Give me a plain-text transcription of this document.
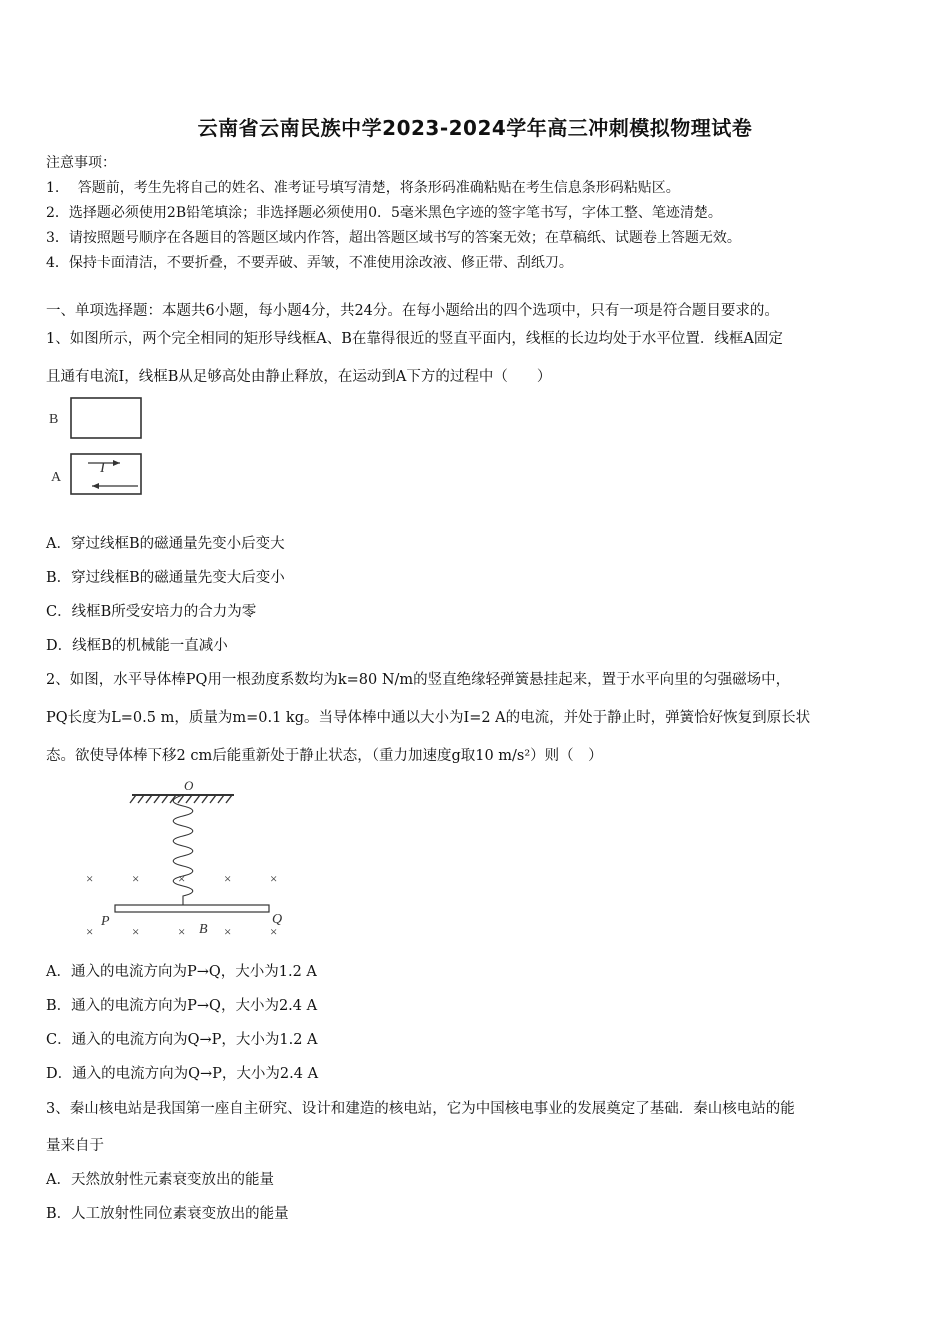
云南省云南民族中学2023-2024学年高三冲刺模拟物理试卷
注意事项：
1.　 答题前，考生先将自己的姓名、准考证号填写清楚，将条形码准确粘贴在考生信息条形码粘贴区。
2．选择题必须使用2B铅笔填涂；非选择题必须使用0．5毫米黑色字迹的签字笔书写，字体工整、笔迹清楚。
3．请按照题号顺序在各题目的答题区域内作答，超出答题区域书写的答案无效；在草稿纸、试题卷上答题无效。
4．保持卡面清洁，不要折叠，不要弄破、弄皱，不准使用涂改液、修正带、刮纸刀。
一、单项选择题：本题共6小题，每小题4分，共24分。在每小题给出的四个选项中，只有一项是符合题目要求的。
1、如图所示，两个完全相同的矩形导线框A、B在靠得很近的竖直平面内，线框的长边均处于水平位置．线框A固定
且通有电流I，线框B从足够高处由静止释放，在运动到A下方的过程中（　　）
B
A
I
A．穿过线框B的磁通量先变小后变大
B．穿过线框B的磁通量先变大后变小
C．线框B所受安培力的合力为零
D．线框B的机械能一直减小
2、如图，水平导体棒PQ用一根劲度系数均为k=80 N/m的竖直绝缘轻弹簧悬挂起来，置于水平向里的匀强磁场中，
PQ长度为L=0.5 m，质量为m=0.1 kg。当导体棒中通以大小为I=2 A的电流，并处于静止时，弹簧恰好恢复到原长状
态。欲使导体棒下移2 cm后能重新处于静止状态，（重力加速度g取10 m/s²）则（　）
O
×	×	×	×	×
×	×	×	×	×
P	Q
B
A．通入的电流方向为P→Q，大小为1.2 A
B．通入的电流方向为P→Q，大小为2.4 A
C．通入的电流方向为Q→P，大小为1.2 A
D．通入的电流方向为Q→P，大小为2.4 A
3、秦山核电站是我国第一座自主研究、设计和建造的核电站，它为中国核电事业的发展奠定了基础．秦山核电站的能
量来自于
A．天然放射性元素衰变放出的能量
B．人工放射性同位素衰变放出的能量
